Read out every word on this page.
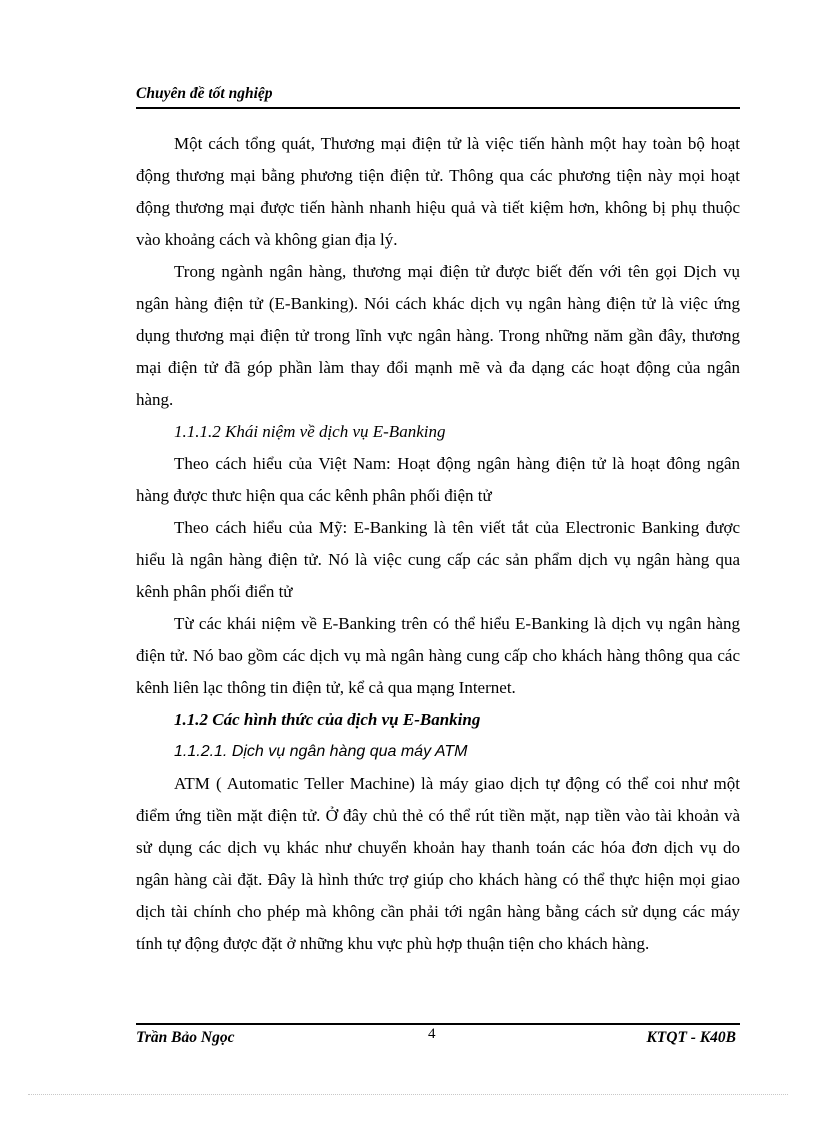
Chuyên đề tốt nghiệp

Một cách tổng quát, Thương mại điện tử là việc tiến hành một hay toàn bộ hoạt động thương mại bằng phương tiện điện tử. Thông qua các phương tiện này mọi hoạt động thương mại được tiến hành nhanh hiệu quả và tiết kiệm hơn, không bị phụ thuộc vào khoảng cách và không gian địa lý.

Trong ngành ngân hàng, thương mại điện tử được biết đến với tên gọi Dịch vụ ngân hàng điện tử (E-Banking). Nói cách khác dịch vụ ngân hàng điện tử là việc ứng dụng thương mại điện tử trong lĩnh vực ngân hàng. Trong những năm gần đây, thương mại điện tử đã góp phần làm thay đổi mạnh mẽ và đa dạng các hoạt động của ngân hàng.

1.1.1.2 Khái niệm về dịch vụ E-Banking

Theo cách hiểu của Việt Nam: Hoạt động ngân hàng điện tử là hoạt đông ngân hàng được thưc hiện qua các kênh phân phối điện tử

Theo cách hiểu của Mỹ: E-Banking là tên viết tắt của Electronic Banking được hiểu là ngân hàng điện tử. Nó là việc cung cấp các sản phẩm dịch vụ ngân hàng qua kênh phân phối điển tử

Từ các khái niệm về E-Banking trên có thể hiểu E-Banking là dịch vụ ngân hàng điện tử. Nó bao gồm các dịch vụ mà ngân hàng cung cấp cho khách hàng thông qua các kênh liên lạc thông tin điện tử, kể cả qua mạng Internet.

1.1.2 Các hình thức của dịch vụ E-Banking

1.1.2.1. Dịch vụ ngân hàng qua máy ATM

ATM ( Automatic Teller Machine) là máy giao dịch tự động có thể coi như một điểm ứng tiền mặt điện tử. Ở đây chủ thẻ có thể rút tiền mặt, nạp tiền vào tài khoản và sử dụng các dịch vụ khác như chuyển khoản hay thanh toán các hóa đơn dịch vụ do ngân hàng cài đặt. Đây là hình thức trợ giúp cho khách hàng có thể thực hiện mọi giao dịch tài chính cho phép mà không cần phải tới ngân hàng bằng cách sử dụng các máy tính tự động được đặt ở những khu vực phù hợp thuận tiện cho khách hàng.

Trần Bảo Ngọc	4	KTQT - K40B
